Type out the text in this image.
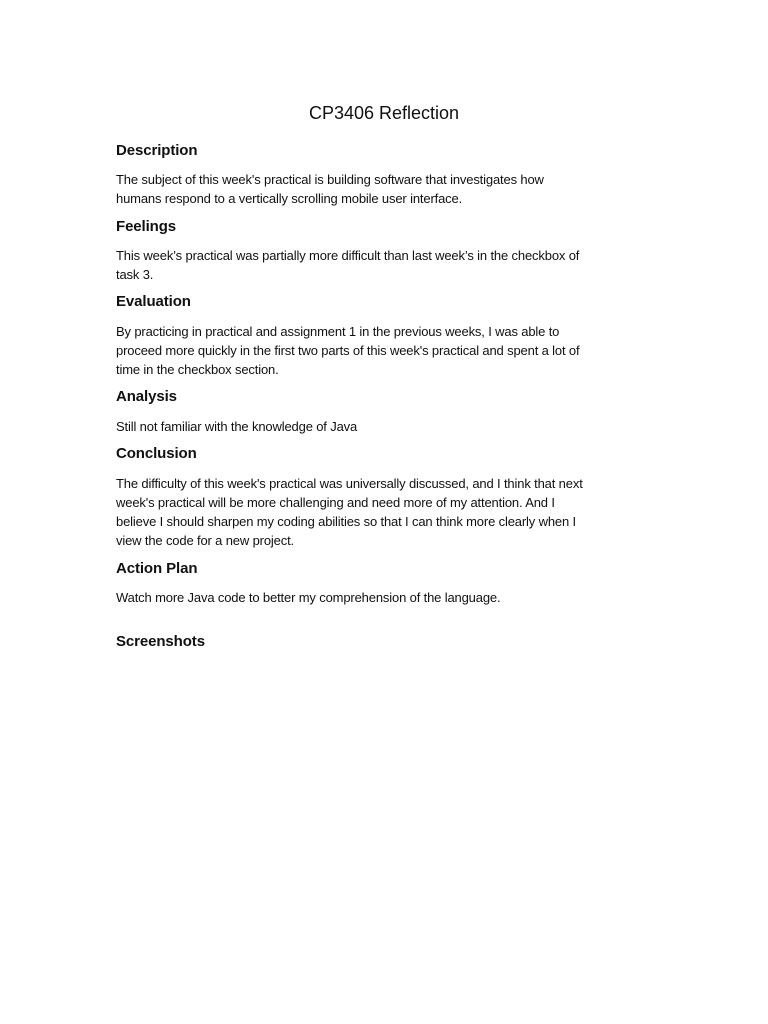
CP3406 Reflection
Description

The subject of this week's practical is building software that investigates how
humans respond to a vertically scrolling mobile user interface.

Feelings

This week’s practical was partially more difficult than last week’s in the checkbox of
task 3.

Evaluation

By practicing in practical and assignment 1 in the previous weeks, I was able to
proceed more quickly in the first two parts of this week's practical and spent a lot of
time in the checkbox section.

Analysis

Still not familiar with the knowledge of Java

Conclusion

The difficulty of this week's practical was universally discussed, and I think that next
week's practical will be more challenging and need more of my attention. And I
believe I should sharpen my coding abilities so that I can think more clearly when I
view the code for a new project.

Action Plan

Watch more Java code to better my comprehension of the language.

Screenshots
